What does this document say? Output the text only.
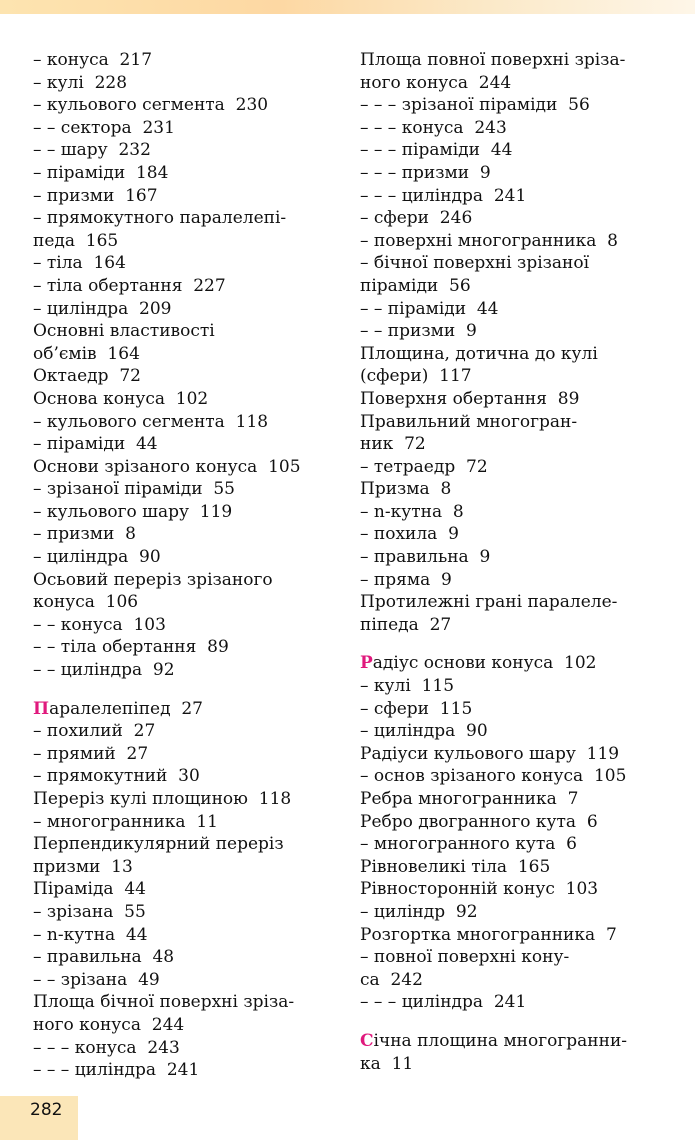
– конуса  217
– кулі  228
– кульового сегмента  230
– – сектора  231
– – шару  232
– піраміди  184
– призми  167
– прямокутного паралелепі-
педа  165
– тіла  164
– тіла обертання  227
– циліндра  209
Основні властивості
об’ємів  164
Октаедр  72
Основа конуса  102
– кульового сегмента  118
– піраміди  44
Основи зрізаного конуса  105
– зрізаної піраміди  55
– кульового шару  119
– призми  8
– циліндра  90
Осьовий переріз зрізаного
конуса  106
– – конуса  103
– – тіла обертання  89
– – циліндра  92
Паралелепіпед  27
– похилий  27
– прямий  27
– прямокутний  30
Переріз кулі площиною  118
– многогранника  11
Перпендикулярний переріз
призми  13
Піраміда  44
– зрізана  55
– n-кутна  44
– правильна  48
– – зрізана  49
Площа бічної поверхні зріза-
ного конуса  244
– – – конуса  243
– – – циліндра  241
Площа повної поверхні зріза-
ного конуса  244
– – – зрізаної піраміди  56
– – – конуса  243
– – – піраміди  44
– – – призми  9
– – – циліндра  241
– сфери  246
– поверхні многогранника  8
– бічної поверхні зрізаної
піраміди  56
– – піраміди  44
– – призми  9
Площина, дотична до кулі
(сфери)  117
Поверхня обертання  89
Правильний многогран-
ник  72
– тетраедр  72
Призма  8
– n-кутна  8
– похила  9
– правильна  9
– пряма  9
Протилежні грані паралеле-
піпеда  27
Радіус основи конуса  102
– кулі  115
– сфери  115
– циліндра  90
Радіуси кульового шару  119
– основ зрізаного конуса  105
Ребра многогранника  7
Ребро двогранного кута  6
– многогранного кута  6
Рівновеликі тіла  165
Рівносторонній конус  103
– циліндр  92
Розгортка многогранника  7
– повної поверхні кону-
са  242
– – – циліндра  241
Січна площина многогранни-
ка  11
282
